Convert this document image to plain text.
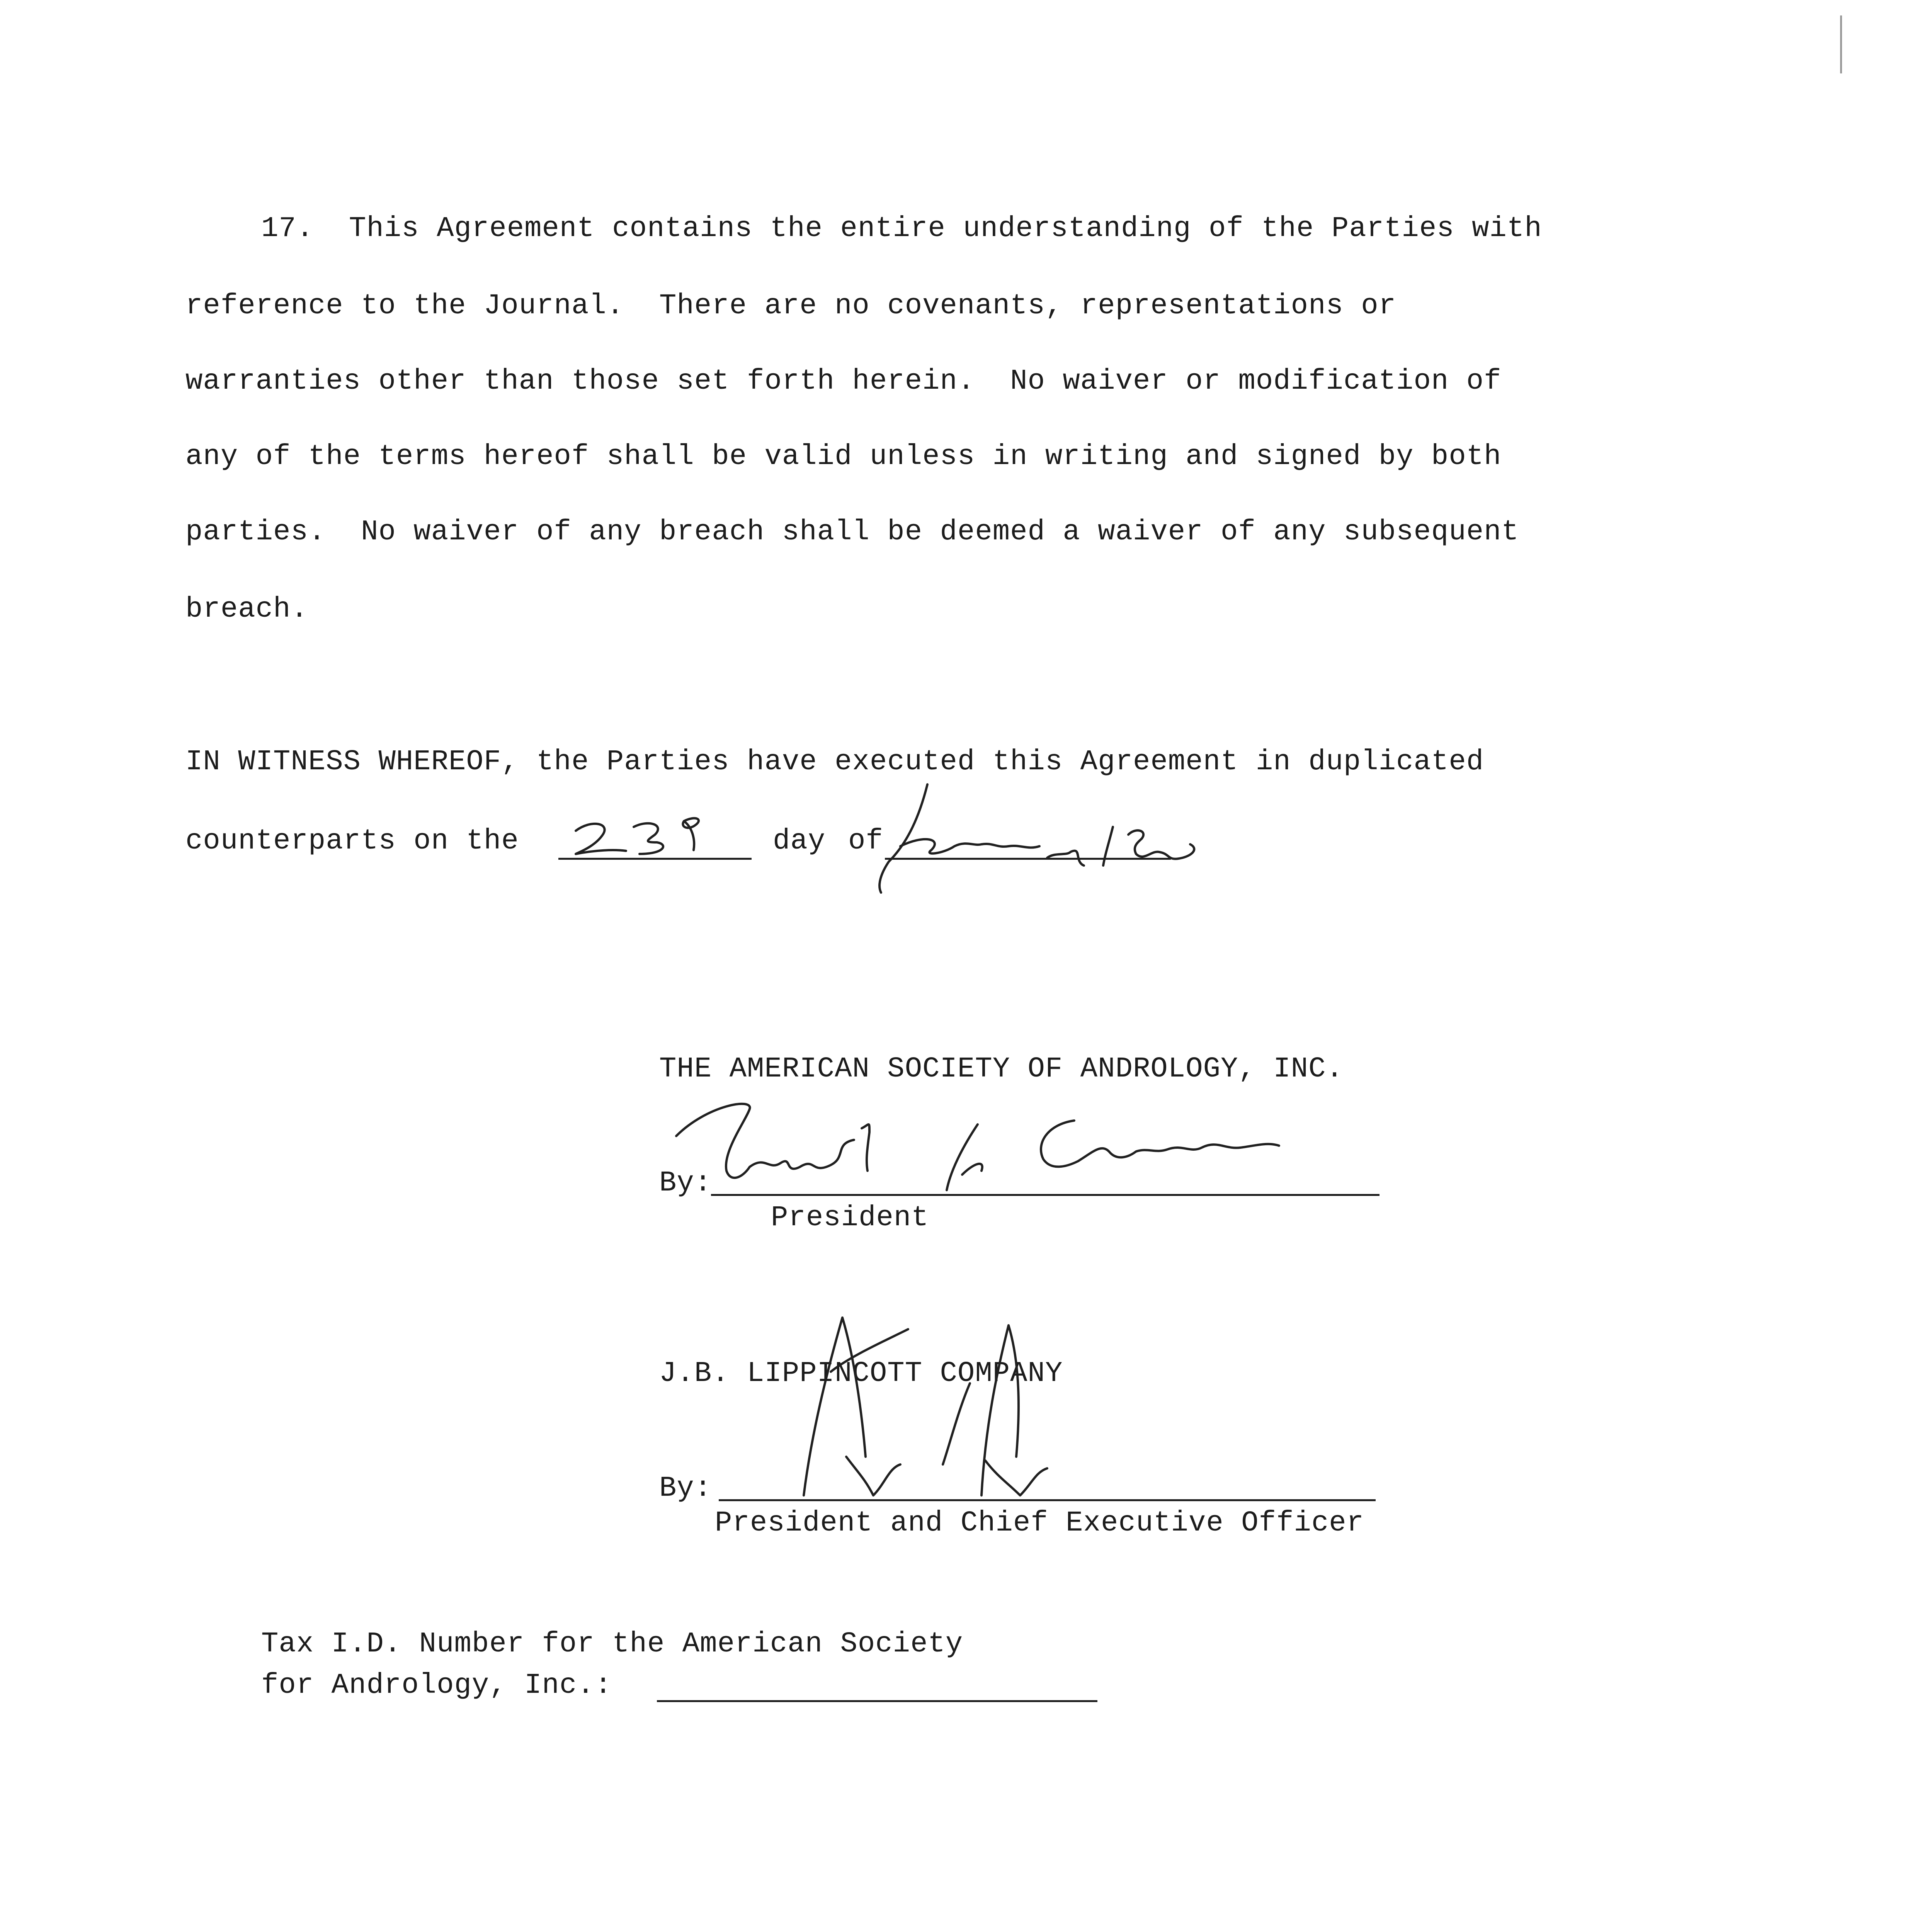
17.  This Agreement contains the entire understanding of the Parties with
reference to the Journal.  There are no covenants, representations or
warranties other than those set forth herein.  No waiver or modification of
any of the terms hereof shall be valid unless in writing and signed by both
parties.  No waiver of any breach shall be deemed a waiver of any subsequent
breach.
IN WITNESS WHEREOF, the Parties have executed this Agreement in duplicated
counterparts on the	day of
THE AMERICAN SOCIETY OF ANDROLOGY, INC.
By:
President
J.B. LIPPINCOTT COMPANY
By:
President and Chief Executive Officer
Tax I.D. Number for the American Society
for Andrology, Inc.:
